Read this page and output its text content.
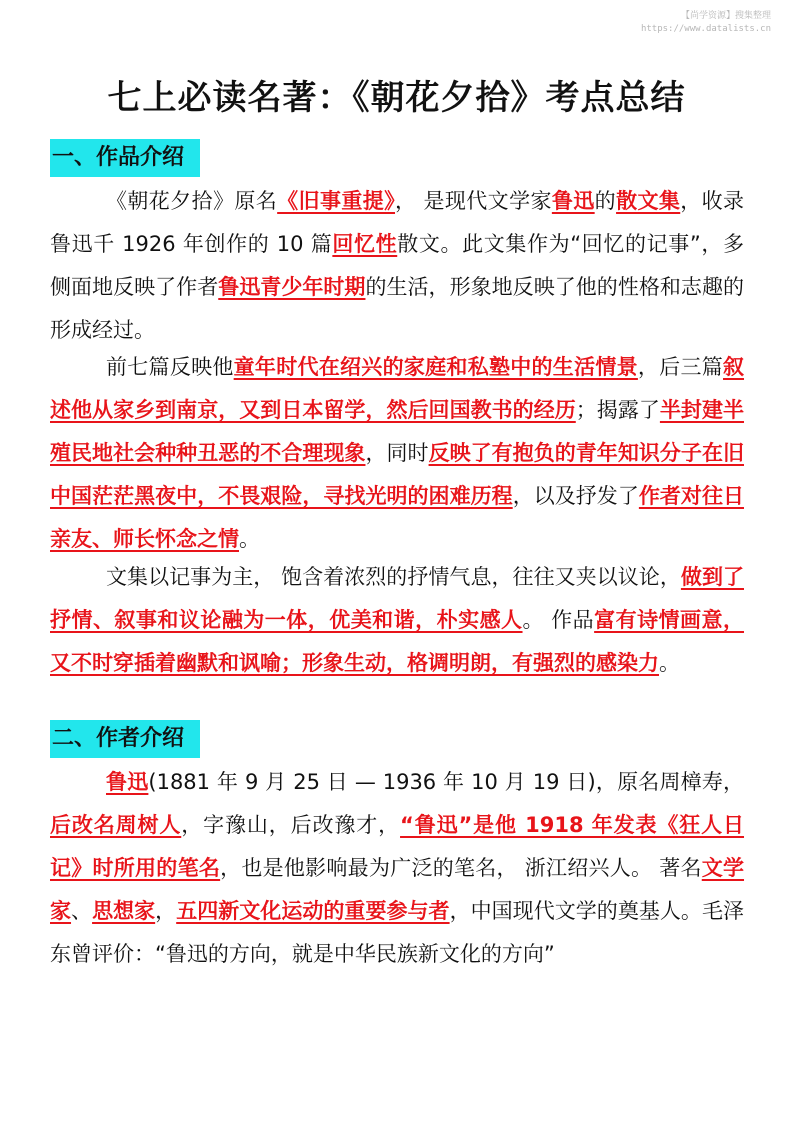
【尚学资源】搜集整理
https://www.datalists.cn
七上必读名著：《朝花夕拾》考点总结
一、作品介绍

《朝花夕拾》原名《旧事重提》， 是现代文学家鲁迅的散文集，收录鲁迅千 1926 年创作的 10 篇回忆性散文。此文集作为“回忆的记事”，多侧面地反映了作者鲁迅青少年时期的生活，形象地反映了他的性格和志趣的形成经过。

前七篇反映他童年时代在绍兴的家庭和私塾中的生活情景，后三篇叙述他从家乡到南京，又到日本留学，然后回国教书的经历；揭露了半封建半殖民地社会种种丑恶的不合理现象，同时反映了有抱负的青年知识分子在旧中国茫茫黑夜中，不畏艰险，寻找光明的困难历程，以及抒发了作者对往日亲友、师长怀念之情。

文集以记事为主， 饱含着浓烈的抒情气息，往往又夹以议论，做到了抒情、叙事和议论融为一体，优美和谐，朴实感人。 作品富有诗情画意，又不时穿插着幽默和讽喻；形象生动，格调明朗，有强烈的感染力。

二、作者介绍

鲁迅(1881 年 9 月 25 日 — 1936 年 10 月 19 日)，原名周樟寿，后改名周树人，字豫山，后改豫才，“鲁迅”是他 1918 年发表《狂人日记》时所用的笔名，也是他影响最为广泛的笔名， 浙江绍兴人。 著名文学家、思想家，五四新文化运动的重要参与者，中国现代文学的奠基人。毛泽东曾评价：“鲁迅的方向，就是中华民族新文化的方向”
